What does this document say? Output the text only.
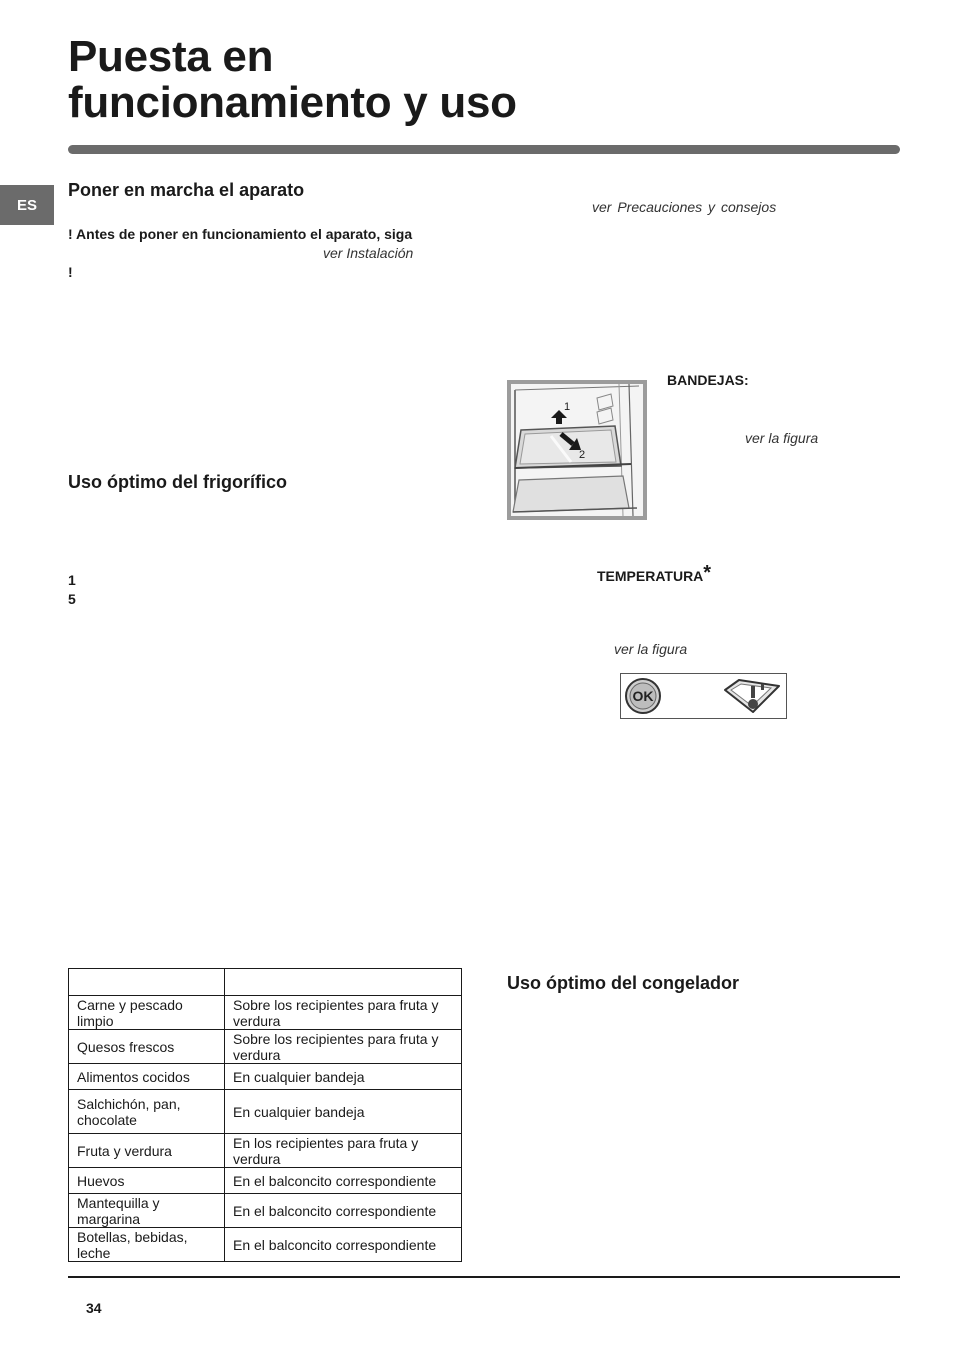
Puesta en
funcionamiento y uso
ES
Poner en marcha el aparato
! Antes de poner en funcionamiento el aparato, siga
ver Instalación
!
Uso óptimo del frigorífico
1
5
ver Precauciones y consejos
1
2
BANDEJAS:
ver la figura
TEMPERATURA*
ver la figura
OK
Uso óptimo del congelador

Carne y pescado limpio	Sobre los recipientes para fruta y verdura
Quesos frescos	Sobre los recipientes para fruta y verdura
Alimentos cocidos	En cualquier bandeja
Salchichón, pan, chocolate	En cualquier bandeja
Fruta y verdura	En los recipientes para fruta y verdura
Huevos	En el balconcito correspondiente
Mantequilla y margarina	En el balconcito correspondiente
Botellas, bebidas, leche	En el balconcito correspondiente
34
